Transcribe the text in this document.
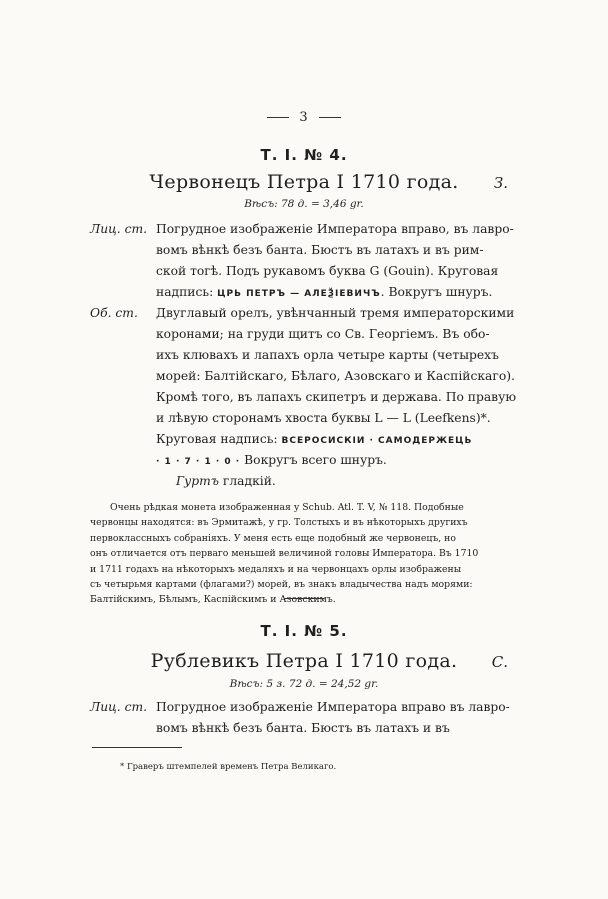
3
Т. I. № 4.
Червонецъ Петра I 1710 года.	З.
Вѣсъ: 78 д. = 3,46 gr.
Лиц. ст. Погрудное изображенiе Императора вправо, въ лавро-
вомъ вѣнкѣ безъ банта. Бюстъ въ латахъ и въ рим-
ской тогѣ. Подъ рукавомъ буква G (Gouin). Круговая
надпись: ЦРЬ ПЕТРЪ — АЛЕѮIЕВИЧЪ. Вокругъ шнуръ.
Об. ст. Двуглавый орелъ, увѣнчанный тремя императорскими
коронами; на груди щитъ со Св. Георгiемъ. Въ обо-
ихъ клювахъ и лапахъ орла четыре карты (четырехъ
морей: Балтiйскаго, Бѣлаго, Азовскаго и Каспiйскаго).
Кромѣ того, въ лапахъ скипетръ и держава. По правую
и лѣвую сторонамъ хвоста буквы L — L (Leefkens)*.
Круговая надпись: ВСЕРОСИСКIИ · САМОДЕРЖЕЦЬ
· 1 · 7 · 1 · 0 · Вокругъ всего шнуръ.
Гуртъ гладкiй.
Очень рѣдкая монета изображенная у Schub. Atl. T. V, № 118. Подобные
червонцы находятся: въ Эрмитажѣ, у гр. Толстыхъ и въ нѣкоторыхъ другихъ
первоклассныхъ собранiяхъ. У меня есть еще подобный же червонецъ, но
онъ отличается отъ перваго меньшей величиной головы Императора. Въ 1710
и 1711 годахъ на нѣкоторыхъ медаляхъ и на червонцахъ орлы изображены
съ четырьмя картами (флагами?) морей, въ знакъ владычества надъ морями:
Балтiйскимъ, Бѣлымъ, Каспiйскимъ и Азовскимъ.
Т. I. № 5.
Рублевикъ Петра I 1710 года.	С.
Вѣсъ: 5 з. 72 д. = 24,52 gr.
Лиц. ст. Погрудное изображенiе Императора вправо въ лавро-
вомъ вѣнкѣ безъ банта. Бюстъ въ латахъ и въ
* Граверъ штемпелей временъ Петра Великаго.
